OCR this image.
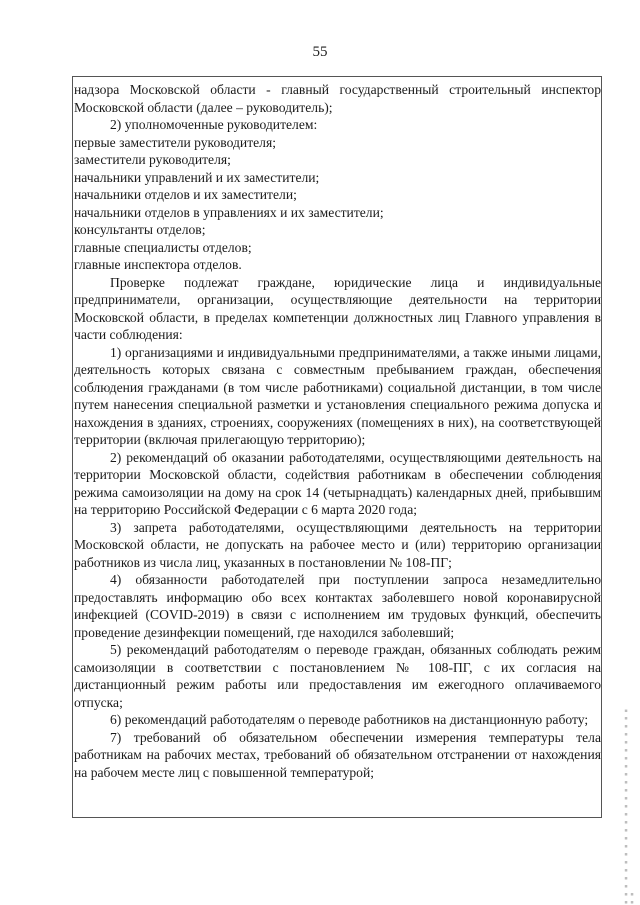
55

надзора Московской области - главный государственный строительный инспектор Московской области (далее – руководитель);

2) уполномоченные руководителем:

первые заместители руководителя;

заместители руководителя;

начальники управлений и их заместители;

начальники отделов и их заместители;

начальники отделов в управлениях и их заместители;

консультанты отделов;

главные специалисты отделов;

главные инспектора отделов.

Проверке подлежат граждане, юридические лица и индивидуальные предприниматели, организации, осуществляющие деятельности на территории Московской области, в пределах компетенции должностных лиц Главного управления в части соблюдения:

1) организациями и индивидуальными предпринимателями, а также иными лицами, деятельность которых связана с совместным пребыванием граждан, обеспечения соблюдения гражданами (в том числе работниками) социальной дистанции, в том числе путем нанесения специальной разметки и установления специального режима допуска и нахождения в зданиях, строениях, сооружениях (помещениях в них), на соответствующей территории (включая прилегающую территорию);

2) рекомендаций об оказании работодателями, осуществляющими деятельность на территории Московской области, содействия работникам в обеспечении соблюдения режима самоизоляции на дому на срок 14 (четырнадцать) календарных дней, прибывшим на территорию Российской Федерации с 6 марта 2020 года;

3) запрета работодателями, осуществляющими деятельность на территории Московской области, не допускать на рабочее место и (или) территорию организации работников из числа лиц, указанных в постановлении № 108-ПГ;

4) обязанности работодателей при поступлении запроса незамедлительно предоставлять информацию обо всех контактах заболевшего новой коронавирусной инфекцией (COVID-2019) в связи с исполнением им трудовых функций, обеспечить проведение дезинфекции помещений, где находился заболевший;

5) рекомендаций работодателям о переводе граждан, обязанных соблюдать режим самоизоляции в соответствии с постановлением № 108-ПГ, с их согласия на дистанционный режим работы или предоставления им ежегодного оплачиваемого отпуска;

6) рекомендаций работодателям о переводе работников на дистанционную работу;

7) требований об обязательном обеспечении измерения температуры тела работникам на рабочих местах, требований об обязательном отстранении от нахождения на рабочем месте лиц с повышенной температурой;	▪ ▪ ▪ ▪ ▪ ▪ ▪ ▪ ▪ ▪ ▪ ▪ ▪ ▪ ▪ ▪ ▪ ▪ ▪ ▪ ▪ ▪ ▪ ▪ ▪ ▪ ▪
